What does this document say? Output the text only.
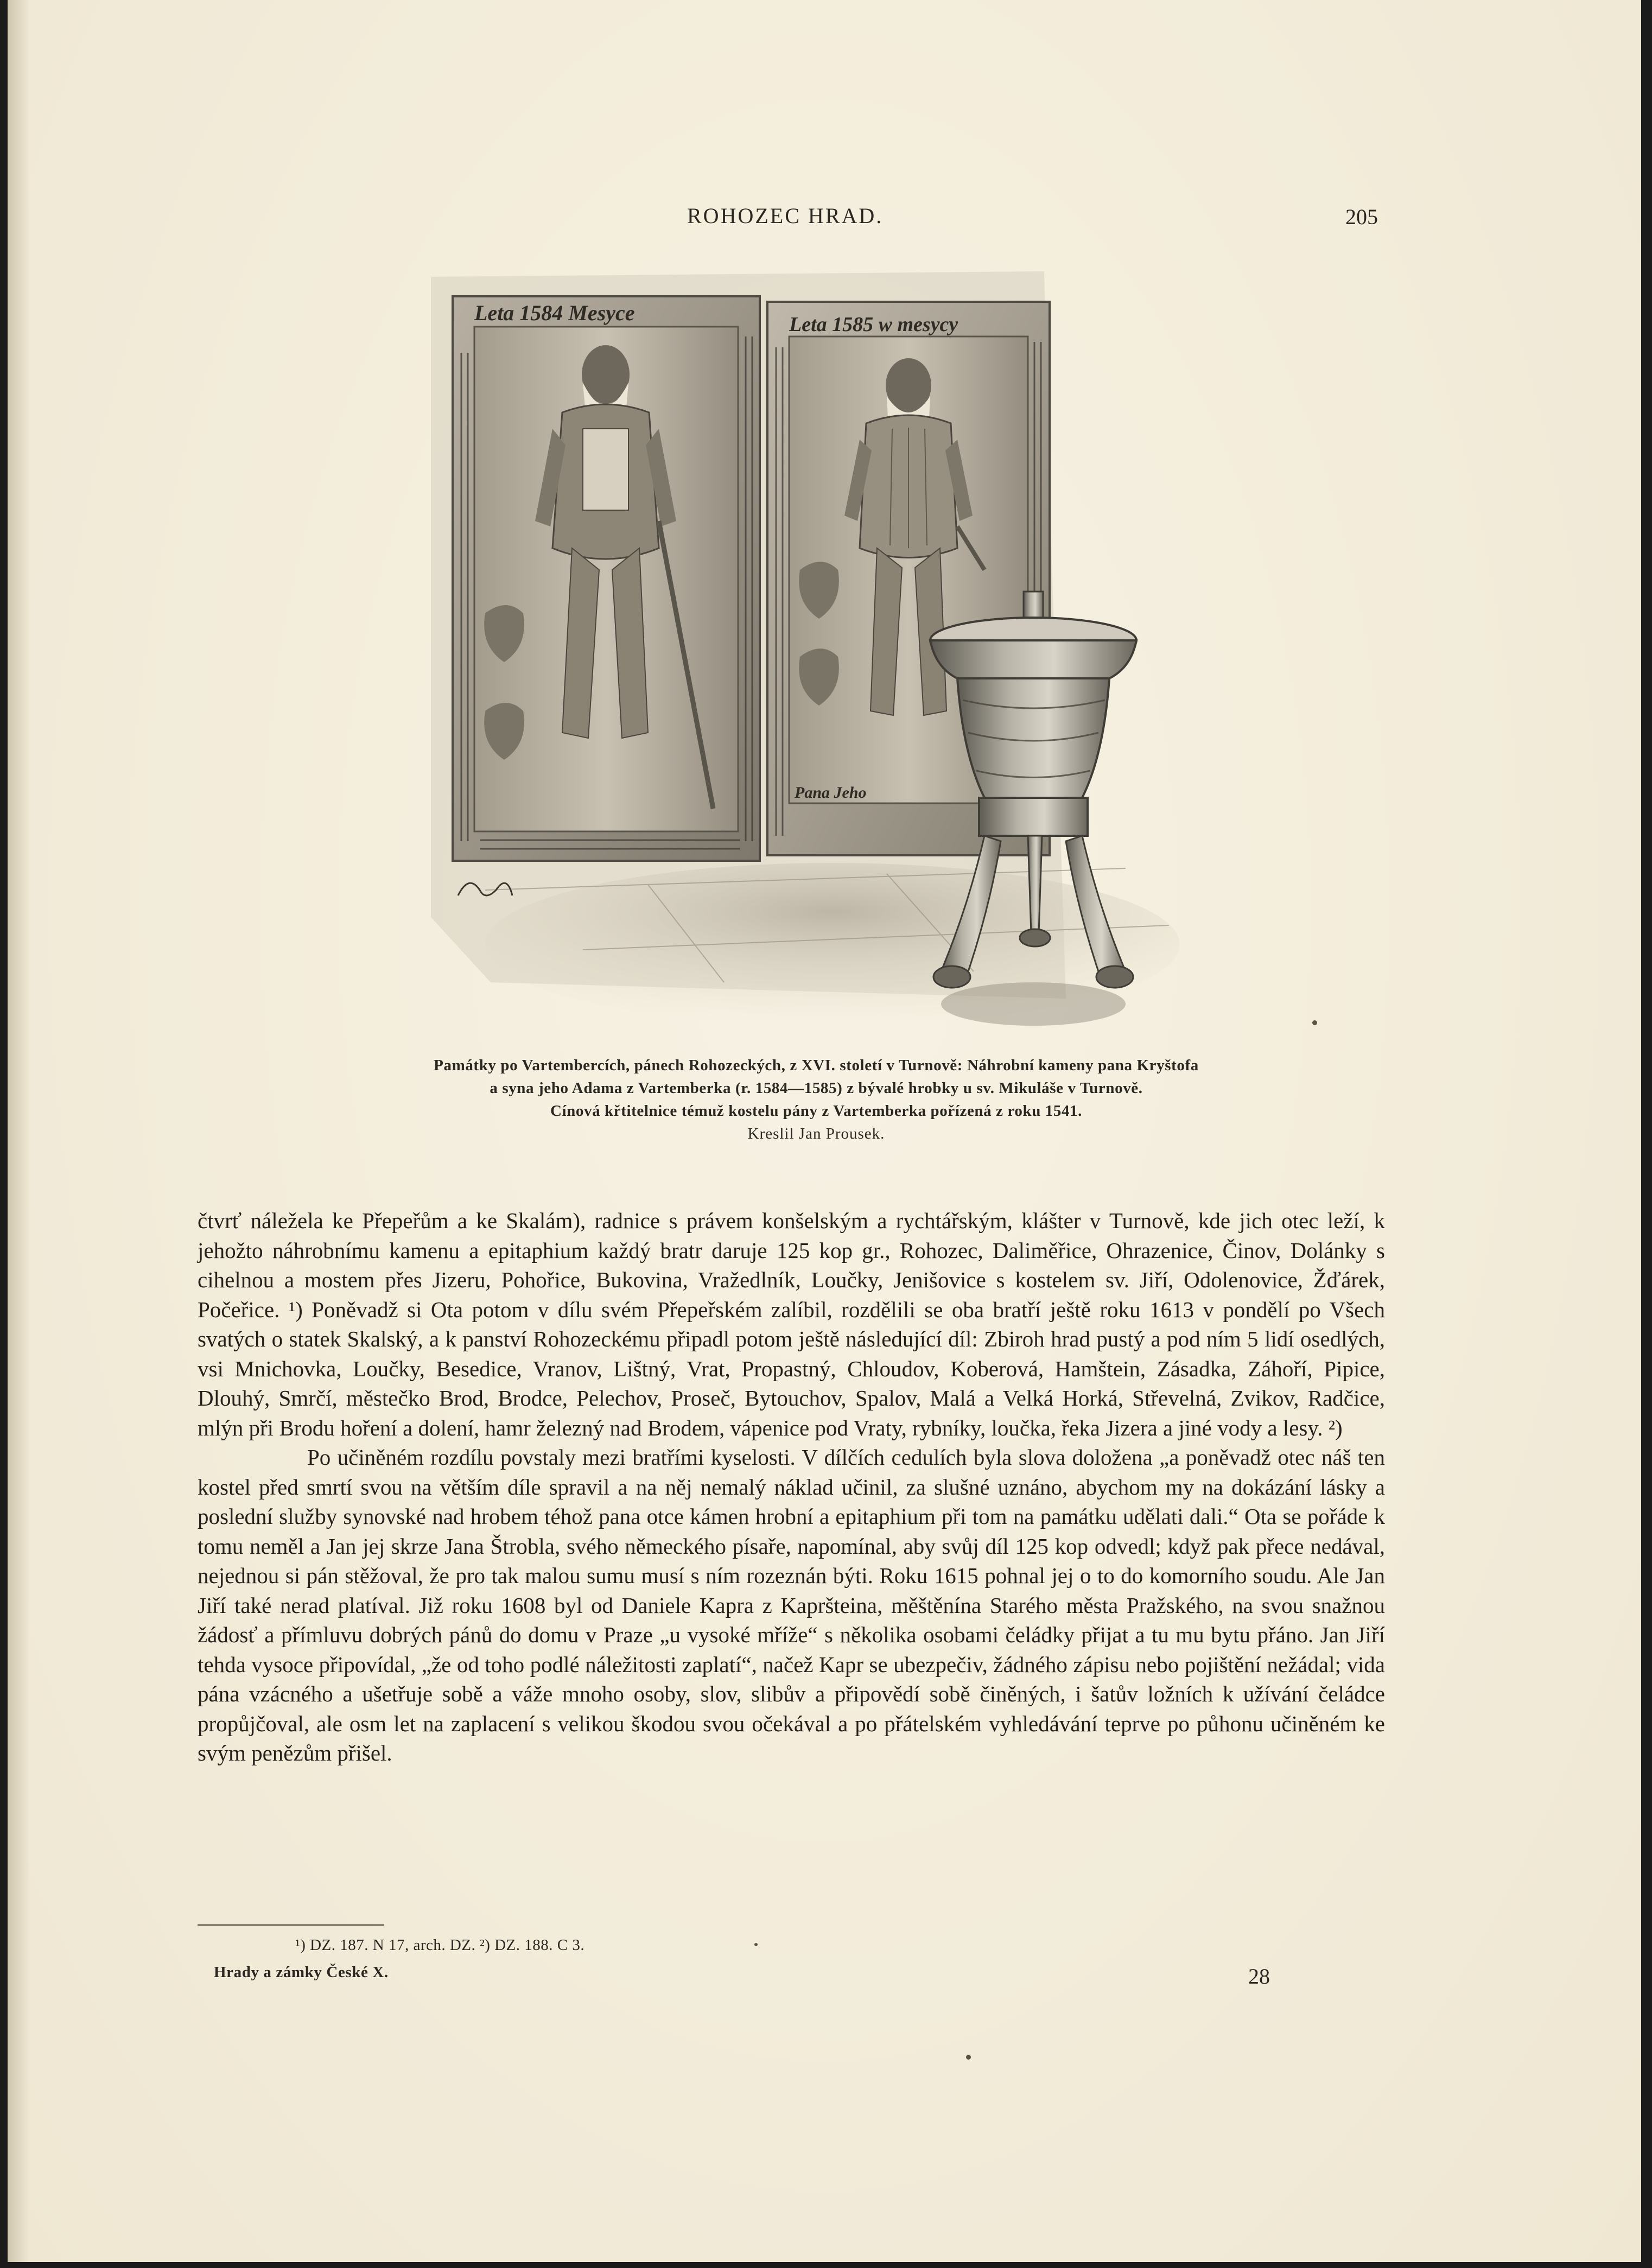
ROHOZEC HRAD.	205
Leta 1584 Mesyce	Leta 1585 w mesycy
Pana Jeho
Památky po Vartembercích, pánech Rohozeckých, z XVI. století v Turnově: Náhrobní kameny pana Kryštofa
a syna jeho Adama z Vartemberka (r. 1584—1585) z bývalé hrobky u sv. Mikuláše v Turnově.
Cínová křtitelnice témuž kostelu pány z Vartemberka pořízená z roku 1541.
Kreslil Jan Prousek.

čtvrť náležela ke Přepeřům a ke Skalám), radnice s právem konšelským a rychtářským, klášter v Turnově, kde jich otec leží, k jehožto náhrobnímu kamenu a epitaphium každý bratr daruje 125 kop gr., Rohozec, Daliměřice, Ohrazenice, Činov, Dolánky s cihelnou a mostem přes Jizeru, Pohořice, Bukovina, Vražedlník, Loučky, Jenišovice s kostelem sv. Jiří, Odolenovice, Žďárek, Počeřice. ¹) Poněvadž si Ota potom v dílu svém Přepeřském zalíbil, rozdělili se oba bratří ještě roku 1613 v pondělí po Všech svatých o statek Skalský, a k panství Rohozeckému připadl potom ještě následující díl: Zbiroh hrad pustý a pod ním 5 lidí osedlých, vsi Mnichovka, Loučky, Besedice, Vranov, Lištný, Vrat, Propastný, Chloudov, Koberová, Hamštein, Zásadka, Záhoří, Pipice, Dlouhý, Smrčí, městečko Brod, Brodce, Pelechov, Proseč, Bytouchov, Spalov, Malá a Velká Horká, Střevelná, Zvikov, Radčice, mlýn při Brodu hoření a dolení, hamr železný nad Brodem, vápenice pod Vraty, rybníky, loučka, řeka Jizera a jiné vody a lesy. ²)

Po učiněném rozdílu povstaly mezi bratřími kyselosti. V dílčích cedulích byla slova doložena „a poněvadž otec náš ten kostel před smrtí svou na větším díle spravil a na něj nemalý náklad učinil, za slušné uznáno, abychom my na dokázání lásky a poslední služby synovské nad hrobem téhož pana otce kámen hrobní a epitaphium při tom na památku udělati dali.“ Ota se pořáde k tomu neměl a Jan jej skrze Jana Štrobla, svého německého písaře, napomínal, aby svůj díl 125 kop odvedl; když pak přece nedával, nejednou si pán stěžoval, že pro tak malou sumu musí s ním rozeznán býti. Roku 1615 pohnal jej o to do komorního soudu. Ale Jan Jiří také nerad platíval. Již roku 1608 byl od Daniele Kapra z Kapršteina, měštěnína Starého města Pražského, na svou snažnou žádosť a přímluvu dobrých pánů do domu v Praze „u vysoké mříže“ s několika osobami čeládky přijat a tu mu bytu přáno. Jan Jiří tehda vysoce připovídal, „že od toho podlé náležitosti zaplatí“, načež Kapr se ubezpečiv, žádného zápisu nebo pojištění nežádal; vida pána vzácného a ušetřuje sobě a váže mnoho osoby, slov, slibův a připovědí sobě činěných, i šatův ložních k užívání čeládce propůjčoval, ale osm let na zaplacení s velikou škodou svou očekával a po přátelském vyhledávání teprve po půhonu učiněném ke svým penězům přišel.

¹) DZ. 187. N 17, arch. DZ. ²) DZ. 188. C 3.
Hrady a zámky České X.	28
